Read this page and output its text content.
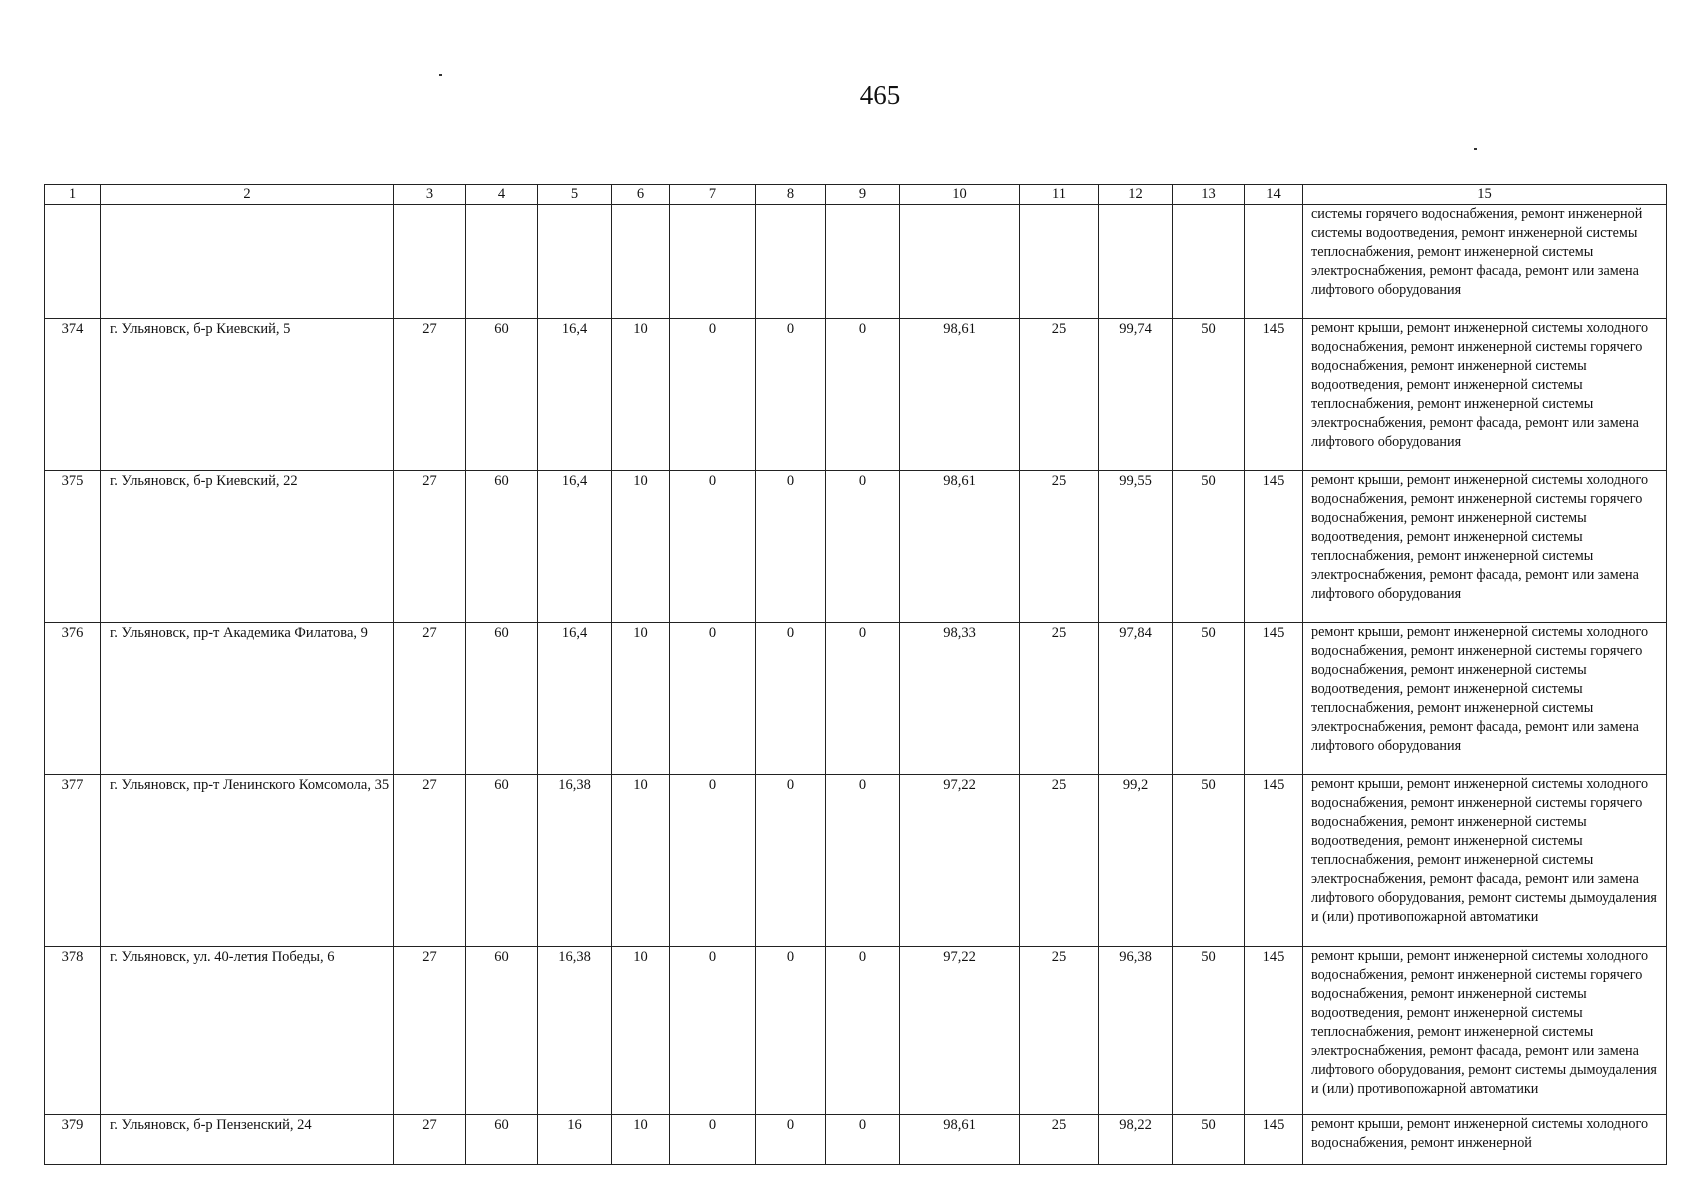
465
1	2	3	4	5	6	7	8	9	10	11	12	13	14	15
														системы горячего водоснабжения, ремонт инженерной системы водоотведения, ремонт инженерной системы теплоснабжения, ремонт инженерной системы электроснабжения, ремонт фасада, ремонт или замена лифтового оборудования
374	г. Ульяновск, б-р Киевский, 5	27	60	16,4	10	0	0	0	98,61	25	99,74	50	145	ремонт крыши, ремонт инженерной системы холодного водоснабжения, ремонт инженерной системы горячего водоснабжения, ремонт инженерной системы водоотведения, ремонт инженерной системы теплоснабжения, ремонт инженерной системы электроснабжения, ремонт фасада, ремонт или замена лифтового оборудования
375	г. Ульяновск, б-р Киевский, 22	27	60	16,4	10	0	0	0	98,61	25	99,55	50	145	ремонт крыши, ремонт инженерной системы холодного водоснабжения, ремонт инженерной системы горячего водоснабжения, ремонт инженерной системы водоотведения, ремонт инженерной системы теплоснабжения, ремонт инженерной системы электроснабжения, ремонт фасада, ремонт или замена лифтового оборудования
376	г. Ульяновск, пр-т Академика Филатова, 9	27	60	16,4	10	0	0	0	98,33	25	97,84	50	145	ремонт крыши, ремонт инженерной системы холодного водоснабжения, ремонт инженерной системы горячего водоснабжения, ремонт инженерной системы водоотведения, ремонт инженерной системы теплоснабжения, ремонт инженерной системы электроснабжения, ремонт фасада, ремонт или замена лифтового оборудования
377	г. Ульяновск, пр-т Ленинского Комсомола, 35	27	60	16,38	10	0	0	0	97,22	25	99,2	50	145	ремонт крыши, ремонт инженерной системы холодного водоснабжения, ремонт инженерной системы горячего водоснабжения, ремонт инженерной системы водоотведения, ремонт инженерной системы теплоснабжения, ремонт инженерной системы электроснабжения, ремонт фасада, ремонт или замена лифтового оборудования, ремонт системы дымоудаления и (или) противопожарной автоматики
378	г. Ульяновск, ул. 40-летия Победы, 6	27	60	16,38	10	0	0	0	97,22	25	96,38	50	145	ремонт крыши, ремонт инженерной системы холодного водоснабжения, ремонт инженерной системы горячего водоснабжения, ремонт инженерной системы водоотведения, ремонт инженерной системы теплоснабжения, ремонт инженерной системы электроснабжения, ремонт фасада, ремонт или замена лифтового оборудования, ремонт системы дымоудаления и (или) противопожарной автоматики
379	г. Ульяновск, б-р Пензенский, 24	27	60	16	10	0	0	0	98,61	25	98,22	50	145	ремонт крыши, ремонт инженерной системы холодного водоснабжения, ремонт инженерной
